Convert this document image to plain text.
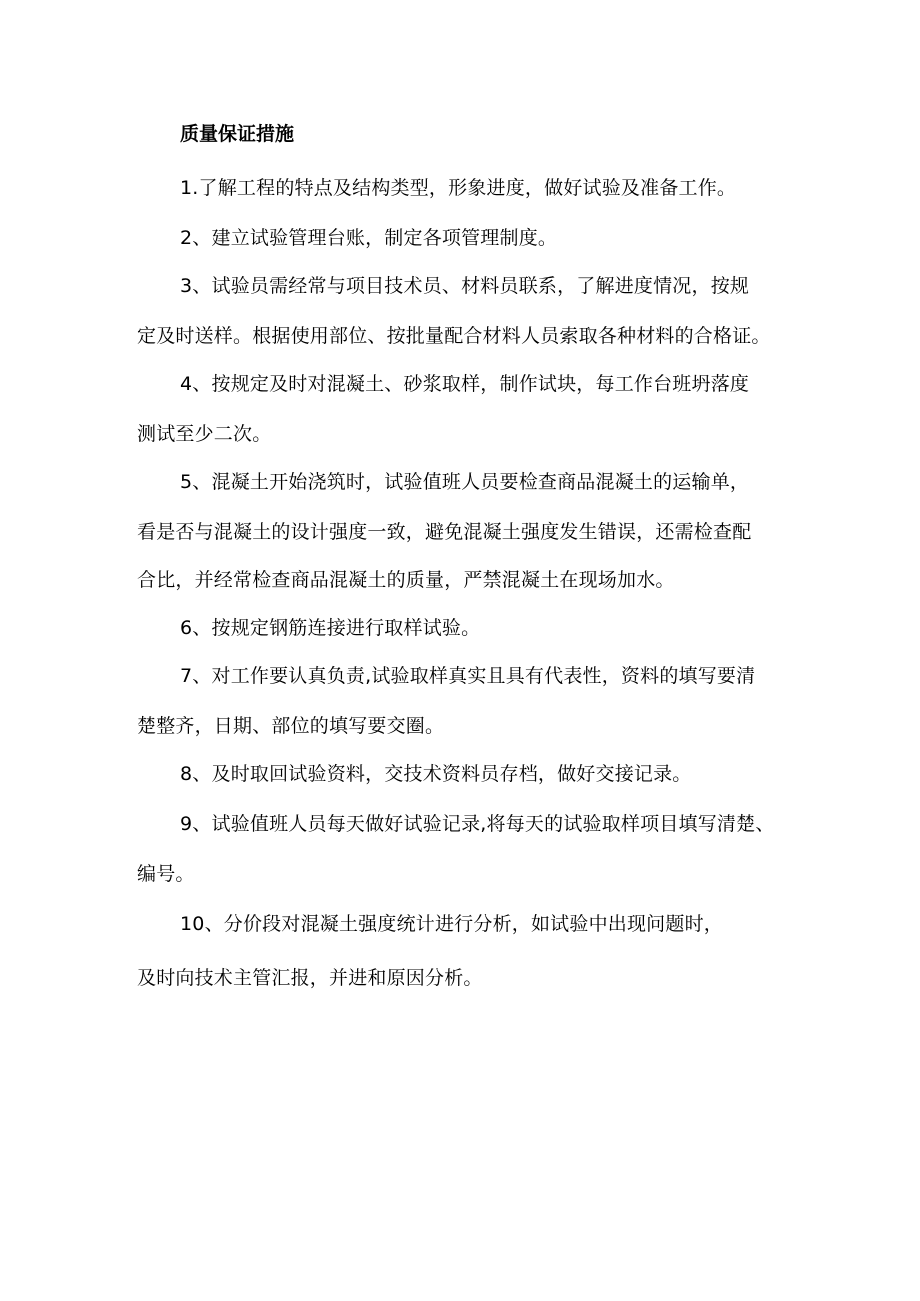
质量保证措施
1.了解工程的特点及结构类型，形象进度，做好试验及准备工作。
2、建立试验管理台账，制定各项管理制度。
3、试验员需经常与项目技术员、材料员联系，了解进度情况，按规
定及时送样。根据使用部位、按批量配合材料人员索取各种材料的合格证。
4、按规定及时对混凝土、砂浆取样，制作试块，每工作台班坍落度
测试至少二次。
5、混凝土开始浇筑时，试验值班人员要检查商品混凝土的运输单，
看是否与混凝土的设计强度一致，避免混凝土强度发生错误，还需检查配
合比，并经常检查商品混凝土的质量，严禁混凝土在现场加水。
6、按规定钢筋连接进行取样试验。
7、对工作要认真负责,试验取样真实且具有代表性，资料的填写要清
楚整齐，日期、部位的填写要交圈。
8、及时取回试验资料，交技术资料员存档，做好交接记录。
9、试验值班人员每天做好试验记录,将每天的试验取样项目填写清楚、
编号。
10、分价段对混凝土强度统计进行分析，如试验中出现问题时，
及时向技术主管汇报，并进和原因分析。
